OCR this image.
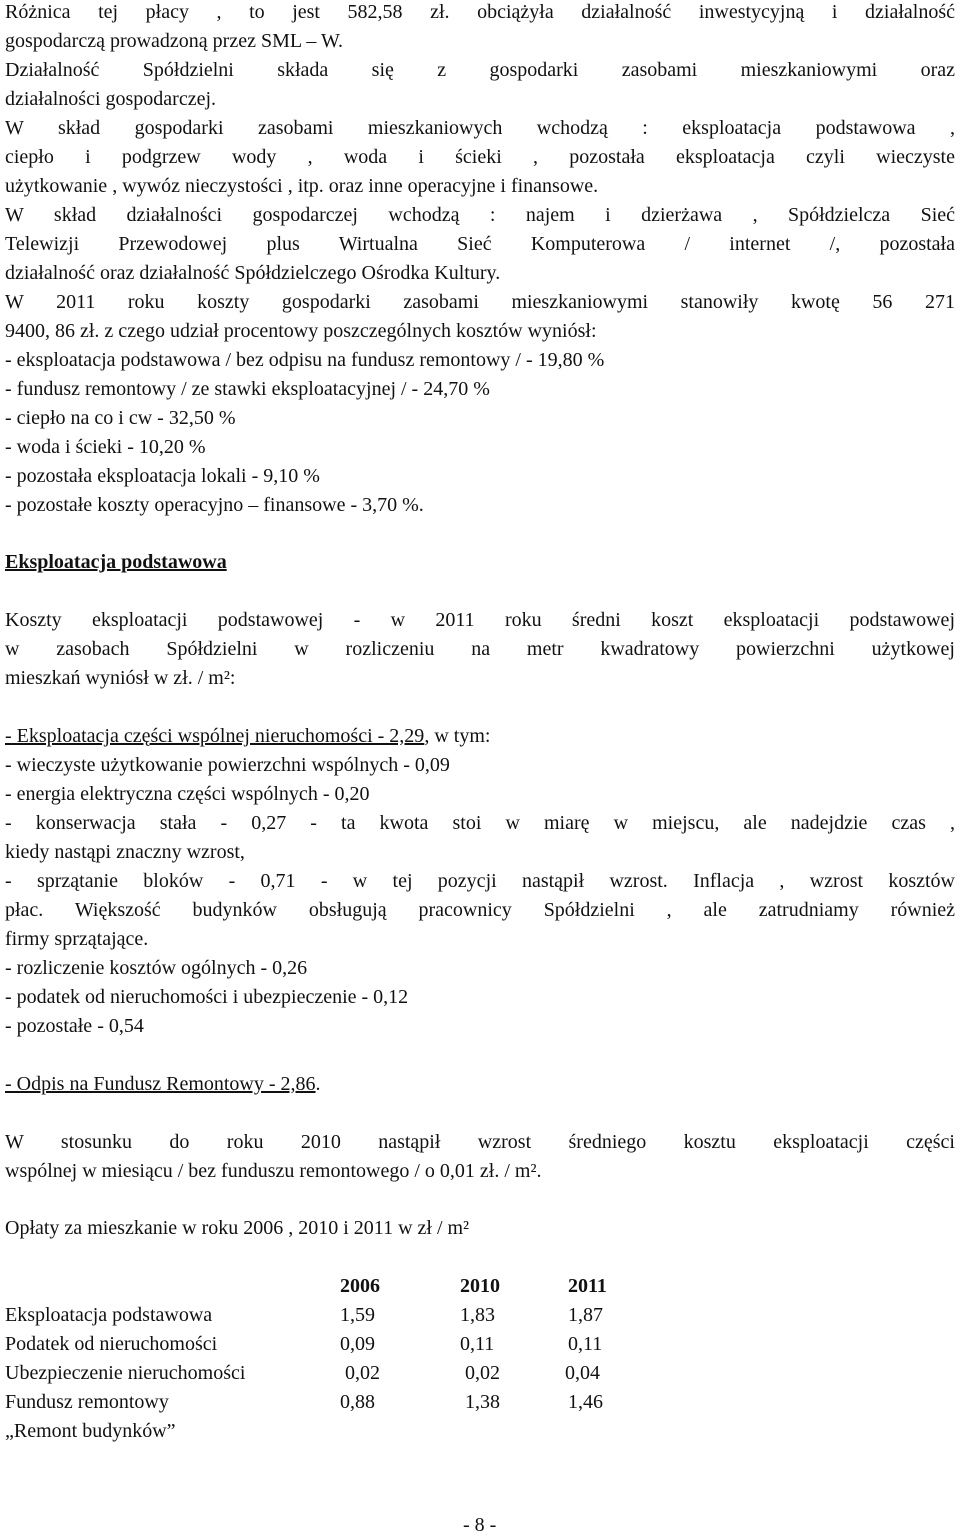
Różnica tej płacy , to jest 582,58 zł. obciążyła działalność inwestycyjną i działalność
gospodarczą prowadzoną przez SML – W.
Działalność Spółdzielni składa się z gospodarki zasobami mieszkaniowymi oraz
działalności gospodarczej.
W skład gospodarki zasobami mieszkaniowych wchodzą : eksploatacja podstawowa ,
ciepło i podgrzew wody , woda i ścieki , pozostała eksploatacja czyli wieczyste
użytkowanie , wywóz nieczystości , itp. oraz inne operacyjne i finansowe.
W skład działalności gospodarczej wchodzą : najem i dzierżawa , Spółdzielcza Sieć
Telewizji Przewodowej plus Wirtualna Sieć Komputerowa / internet /, pozostała
działalność oraz działalność Spółdzielczego Ośrodka Kultury.
W 2011 roku koszty gospodarki zasobami mieszkaniowymi stanowiły kwotę 56 271
9400, 86 zł. z czego udział procentowy poszczególnych kosztów wyniósł:
- eksploatacja podstawowa / bez odpisu na fundusz remontowy / - 19,80 %
- fundusz remontowy / ze stawki eksploatacyjnej / - 24,70 %
- ciepło na co i cw - 32,50 %
- woda i ścieki - 10,20 %
- pozostała eksploatacja lokali - 9,10 %
- pozostałe koszty operacyjno – finansowe - 3,70 %.
Eksploatacja podstawowa
Koszty eksploatacji podstawowej - w 2011 roku średni koszt eksploatacji podstawowej
w zasobach Spółdzielni w rozliczeniu na metr kwadratowy powierzchni użytkowej
mieszkań wyniósł w zł. / m²:
- Eksploatacja części wspólnej nieruchomości - 2,29, w tym:
- wieczyste użytkowanie powierzchni wspólnych - 0,09
- energia elektryczna części wspólnych - 0,20
- konserwacja stała - 0,27 - ta kwota stoi w miarę w miejscu, ale nadejdzie czas ,
kiedy nastąpi znaczny wzrost,
- sprzątanie bloków - 0,71 - w tej pozycji nastąpił wzrost. Inflacja , wzrost kosztów
płac. Większość budynków obsługują pracownicy Spółdzielni , ale zatrudniamy również
firmy sprzątające.
- rozliczenie kosztów ogólnych - 0,26
- podatek od nieruchomości i ubezpieczenie - 0,12
- pozostałe - 0,54
- Odpis na Fundusz Remontowy - 2,86.
W stosunku do roku 2010 nastąpił wzrost średniego kosztu eksploatacji części
wspólnej w miesiącu / bez funduszu remontowego / o 0,01 zł. / m².
Opłaty za mieszkanie w roku 2006 , 2010 i 2011 w zł / m²
2006	2010	2011
Eksploatacja podstawowa	1,59	1,83	1,87
Podatek od nieruchomości	0,09	0,11	0,11
Ubezpieczenie nieruchomości	0,02	0,02	0,04
Fundusz remontowy	0,88	1,38	1,46
„Remont budynków”
- 8 -
